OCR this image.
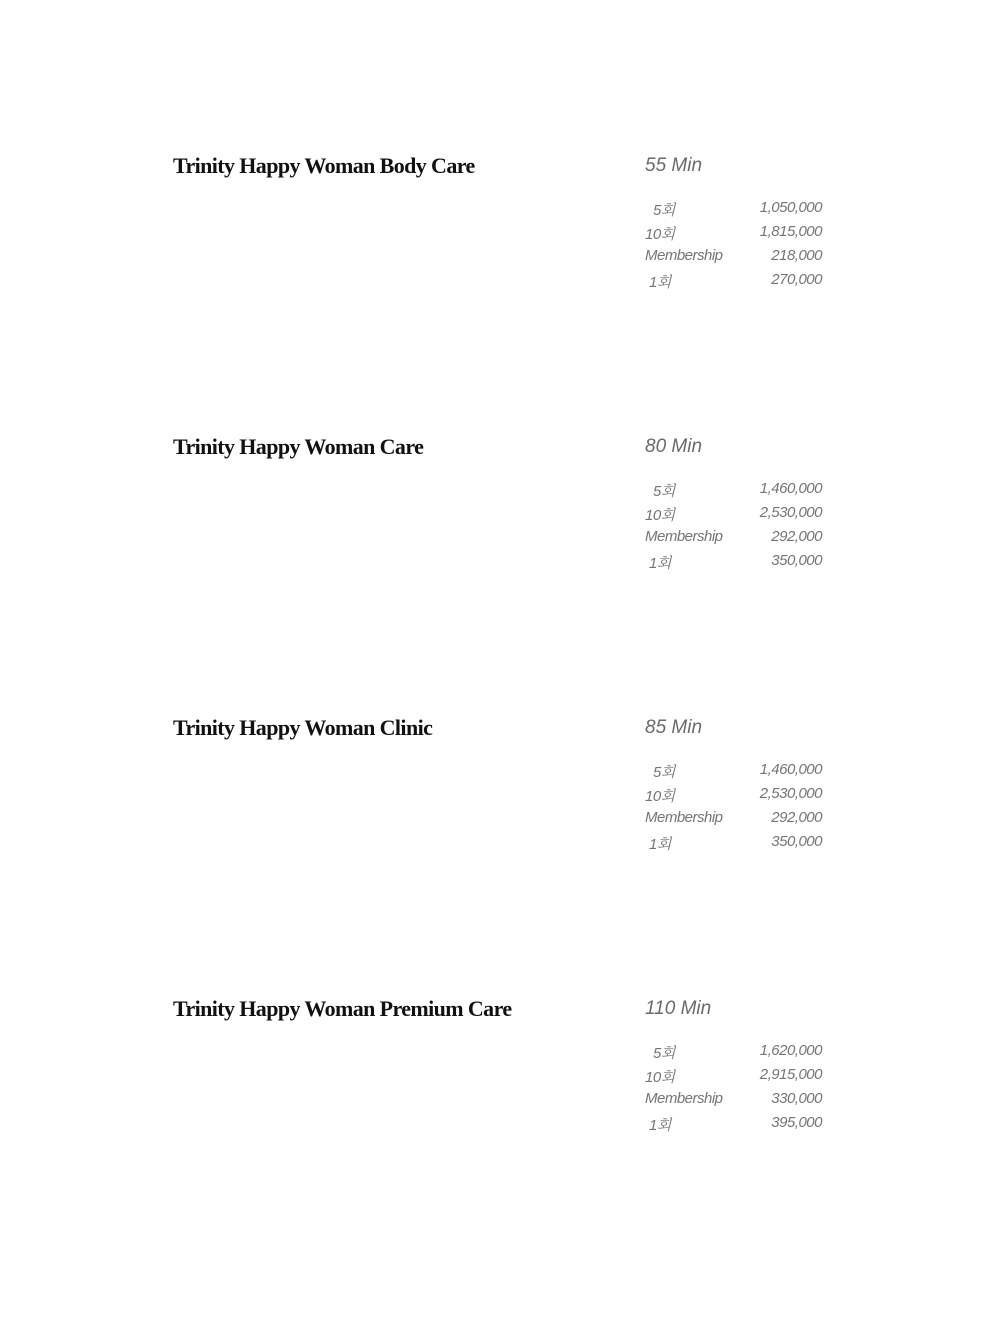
Trinity Happy Woman Body Care	55 Min
5회	1,050,000
10회	1,815,000
Membership	218,000
1회	270,000
Trinity Happy Woman Care	80 Min
5회	1,460,000
10회	2,530,000
Membership	292,000
1회	350,000
Trinity Happy Woman Clinic	85 Min
5회	1,460,000
10회	2,530,000
Membership	292,000
1회	350,000
Trinity Happy Woman Premium Care	110 Min
5회	1,620,000
10회	2,915,000
Membership	330,000
1회	395,000
